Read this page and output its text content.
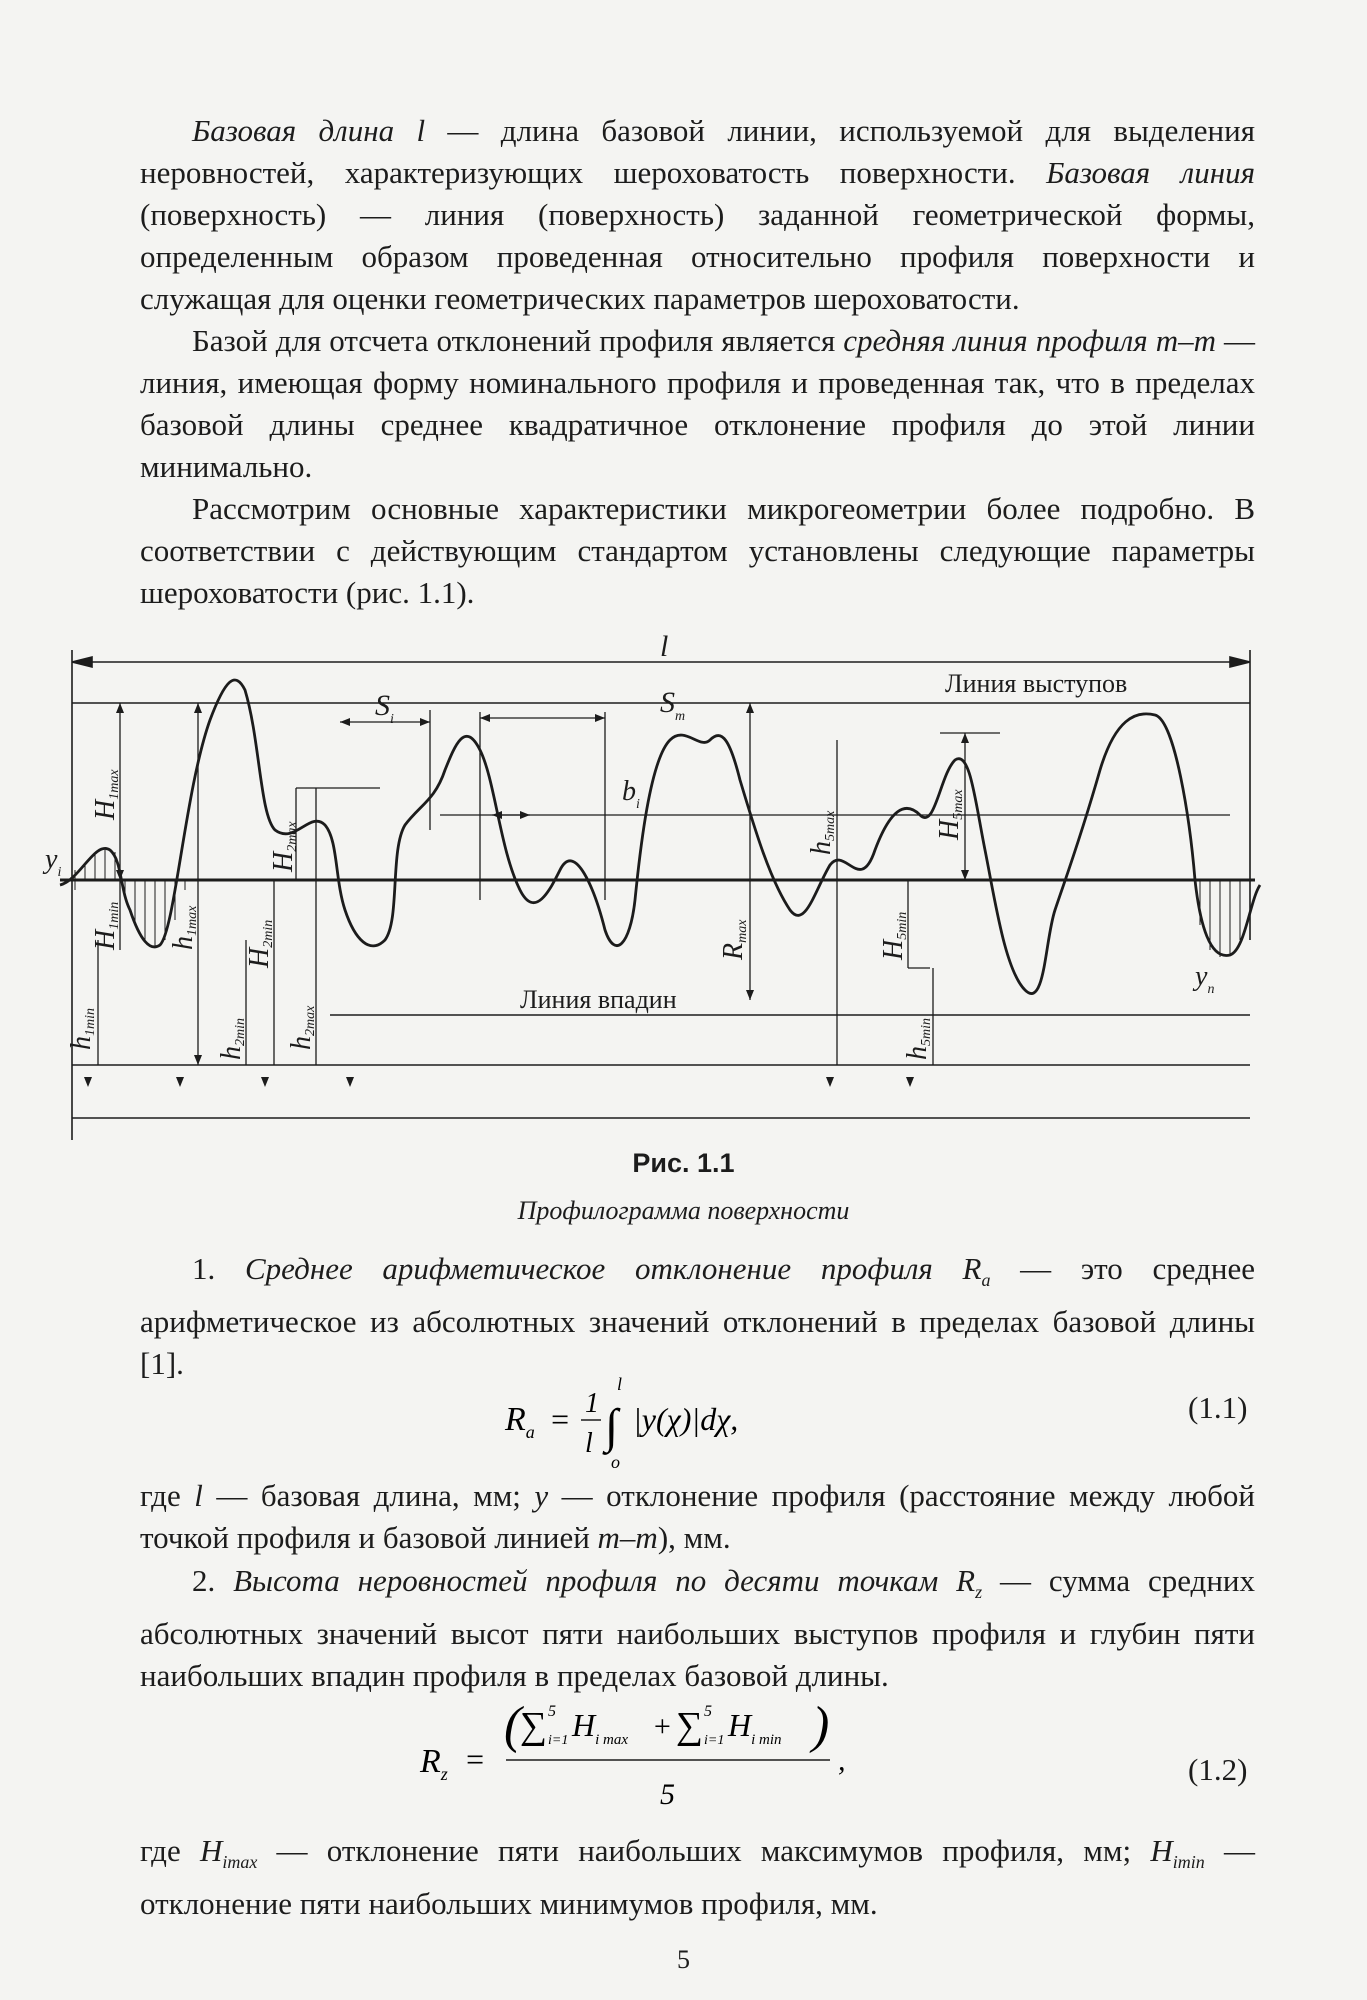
Базовая длина l — длина базовой линии, используемой для выделения неровностей, характеризующих шероховатость поверхности. Базовая линия (поверхность) — линия (поверхность) заданной геометрической формы, определенным образом проведенная относительно профиля поверхности и служащая для оценки геометрических параметров шероховатости.

Базой для отсчета отклонений профиля является средняя линия профиля m–m — линия, имеющая форму номинального профиля и проведенная так, что в пределах базовой длины среднее квадратичное отклонение профиля до этой линии минимально.

Рассмотрим основные характеристики микрогеометрии более подробно. В соответствии с действующим стандартом установлены следующие параметры шероховатости (рис. 1.1).

l
Линия выступов
Линия впадин
$S_i$
$S_m$
$b_i$
$y_i$
$y_n$
H1max
H1min
h1min
h1max
H2max
H2min
h2min h2max
Rmax
h5max	H5max
H5min
h5min
Рис. 1.1
Профилограмма поверхности

1. Среднее арифметическое отклонение профиля $R_a$ — это среднее арифметическое из абсолютных значений отклонений в пределах базовой длины [1].

$R_a = 1$
l ∫
l
o
|y(χ)|dχ,	(1.1)

где l — базовая длина, мм; y — отклонение профиля (расстояние между любой точкой профиля и базовой линией m–m), мм.

2. Высота неровностей профиля по десяти точкам $R_z$ — сумма средних абсолютных значений высот пяти наибольших выступов профиля и глубин пяти наибольших впадин профиля в пределах базовой длины.

$R_z$ =
(
∑ 5
i=1 $H_{i max}$ + ∑ 5
i=1 $H_{i min}$ )
5
,	(1.2)

где $H_{imax}$ — отклонение пяти наибольших максимумов профиля, мм; $H_{imin}$ — отклонение пяти наибольших минимумов профиля, мм.

5
